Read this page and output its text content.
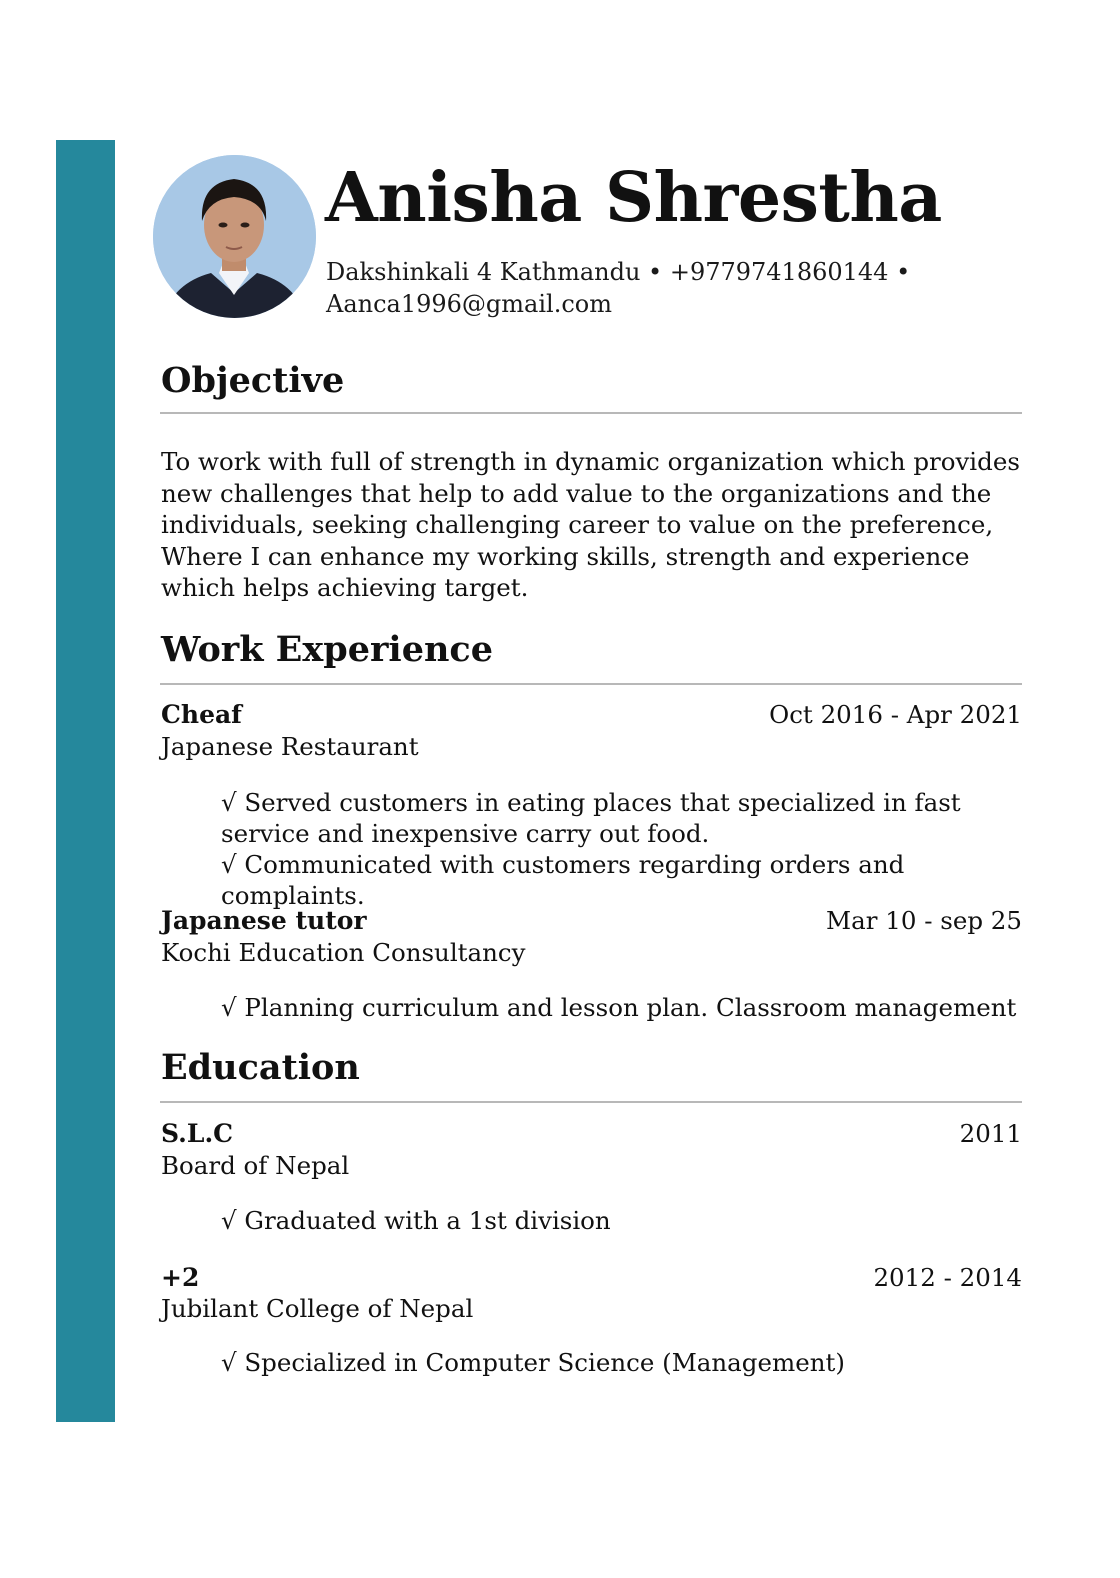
Anisha Shrestha
Dakshinkali 4 Kathmandu • +9779741860144 • Aanca1996@gmail.com
Objective
To work with full of strength in dynamic organization which provides new challenges that help to add value to the organizations and the individuals, seeking challenging career to value on the preference, Where I can enhance my working skills, strength and experience which helps achieving target.
Work Experience
Cheaf	Oct 2016 - Apr 2021
Japanese Restaurant
√ Served customers in eating places that specialized in fast service and inexpensive carry out food.
√ Communicated with customers regarding orders and complaints.
Japanese tutor	Mar 10 - sep 25
Kochi Education Consultancy
√ Planning curriculum and lesson plan. Classroom management
Education
S.L.C	2011
Board of Nepal
√ Graduated with a 1st division
+2	2012 - 2014
Jubilant College of Nepal
√ Specialized in Computer Science (Management)
